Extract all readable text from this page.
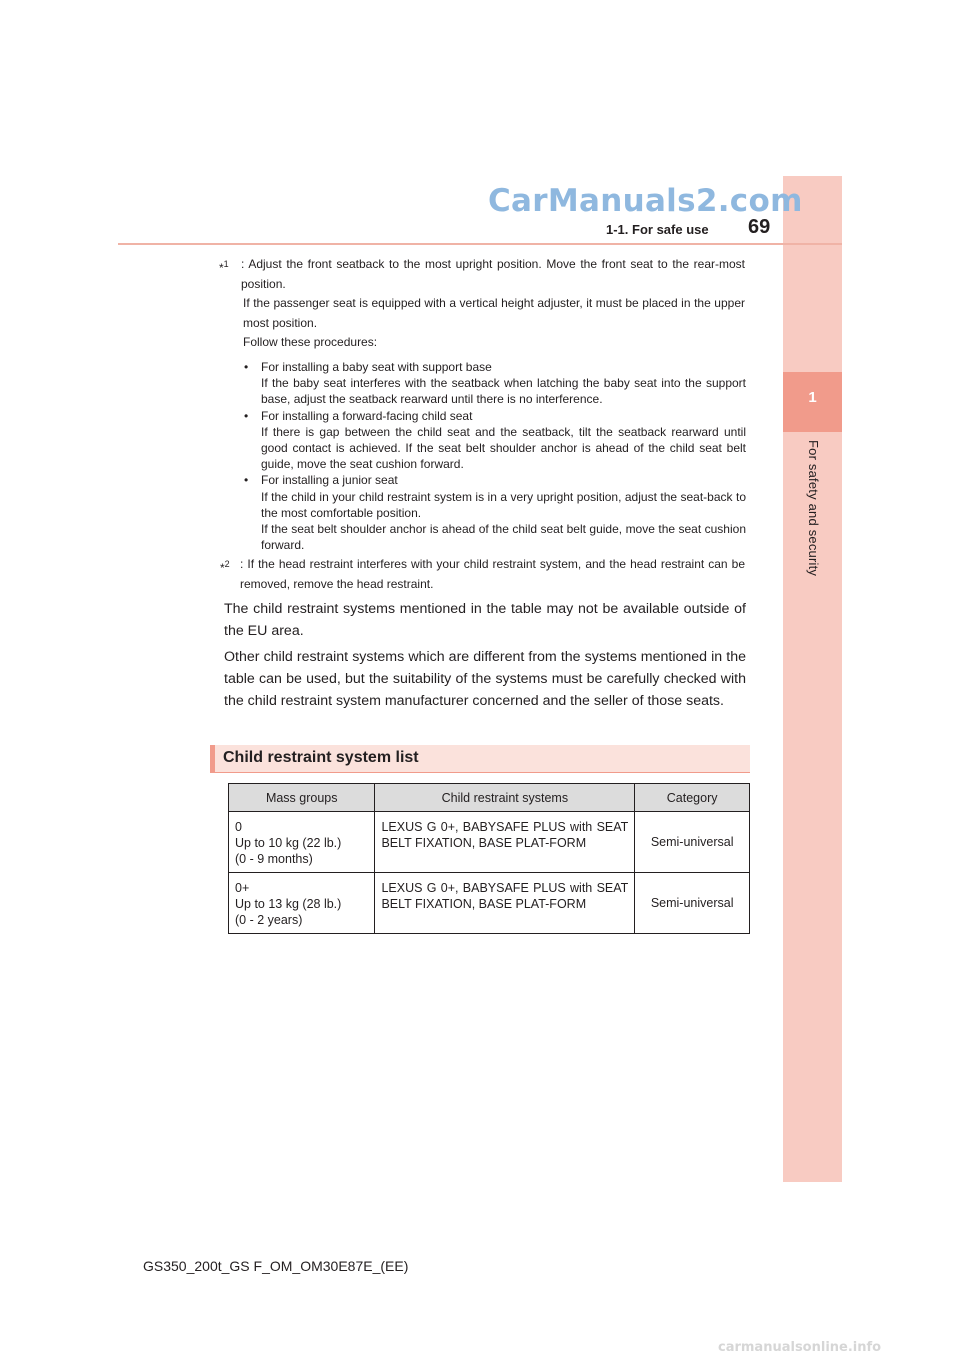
1
For safety and security
CarManuals2.com
1-1. For safe use 69
*$^1$ : Adjust the front seatback to the most upright position. Move the front seat to the rear-most position.

If the passenger seat is equipped with a vertical height adjuster, it must be placed in the upper most position.

Follow these procedures:

• For installing a baby seat with support base
If the baby seat interferes with the seatback when latching the baby seat into the support base, adjust the seatback rearward until there is no interference.
• For installing a forward-facing child seat
If there is gap between the child seat and the seatback, tilt the seatback rearward until good contact is achieved. If the seat belt shoulder anchor is ahead of the child seat belt guide, move the seat cushion forward.
• For installing a junior seat
If the child in your child restraint system is in a very upright position, adjust the seat-back to the most comfortable position.
If the seat belt shoulder anchor is ahead of the child seat belt guide, move the seat cushion forward.
*$^2$ : If the head restraint interferes with your child restraint system, and the head restraint can be removed, remove the head restraint.

The child restraint systems mentioned in the table may not be available outside of the EU area.
Other child restraint systems which are different from the systems mentioned in the table can be used, but the suitability of the systems must be carefully checked with the child restraint system manufacturer concerned and the seller of those seats.
Child restraint system list
Mass groups	Child restraint systems	Category

0
Up to 10 kg (22 lb.)
(0 - 9 months)	LEXUS G 0+, BABYSAFE PLUS with SEAT BELT FIXATION, BASE PLAT-FORM	Semi-universal

0+
Up to 13 kg (28 lb.)
(0 - 2 years)	LEXUS G 0+, BABYSAFE PLUS with SEAT BELT FIXATION, BASE PLAT-FORM	Semi-universal
GS350_200t_GS F_OM_OM30E87E_(EE)
carmanualsonline.info
